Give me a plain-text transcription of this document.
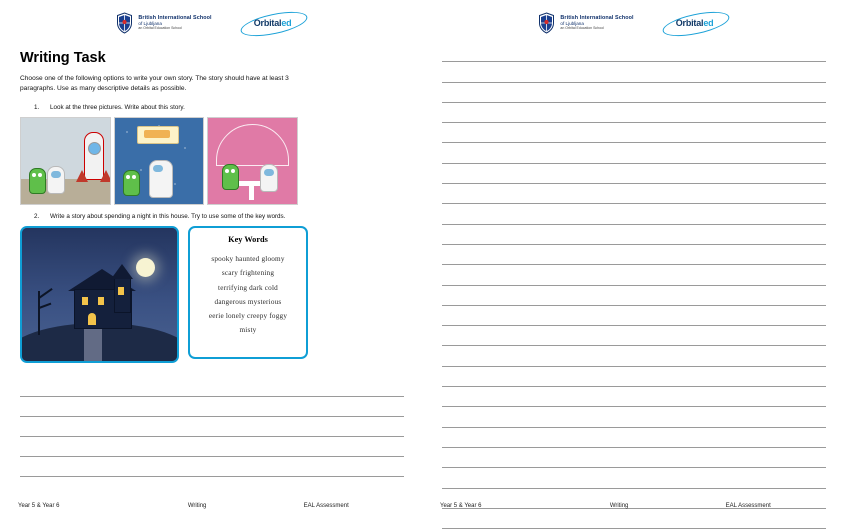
British International School
of Ljubljana
an Orbital Education School	Orbitaled
Writing Task

Choose one of the following options to write your own story. The story should have at least 3 paragraphs. Use as many descriptive details as possible.

1.	Look at the three pictures. Write about this story.
2.	Write a story about spending a night in this house. Try to use some of the key words.
Key Words
spooky haunted gloomy
scary frightening
terrifying dark cold
dangerous mysterious
eerie lonely creepy foggy
misty
Year 5 & Year 6	Writing	EAL Assessment
British International School
of Ljubljana
an Orbital Education School	Orbitaled
Year 5 & Year 6	Writing	EAL Assessment
